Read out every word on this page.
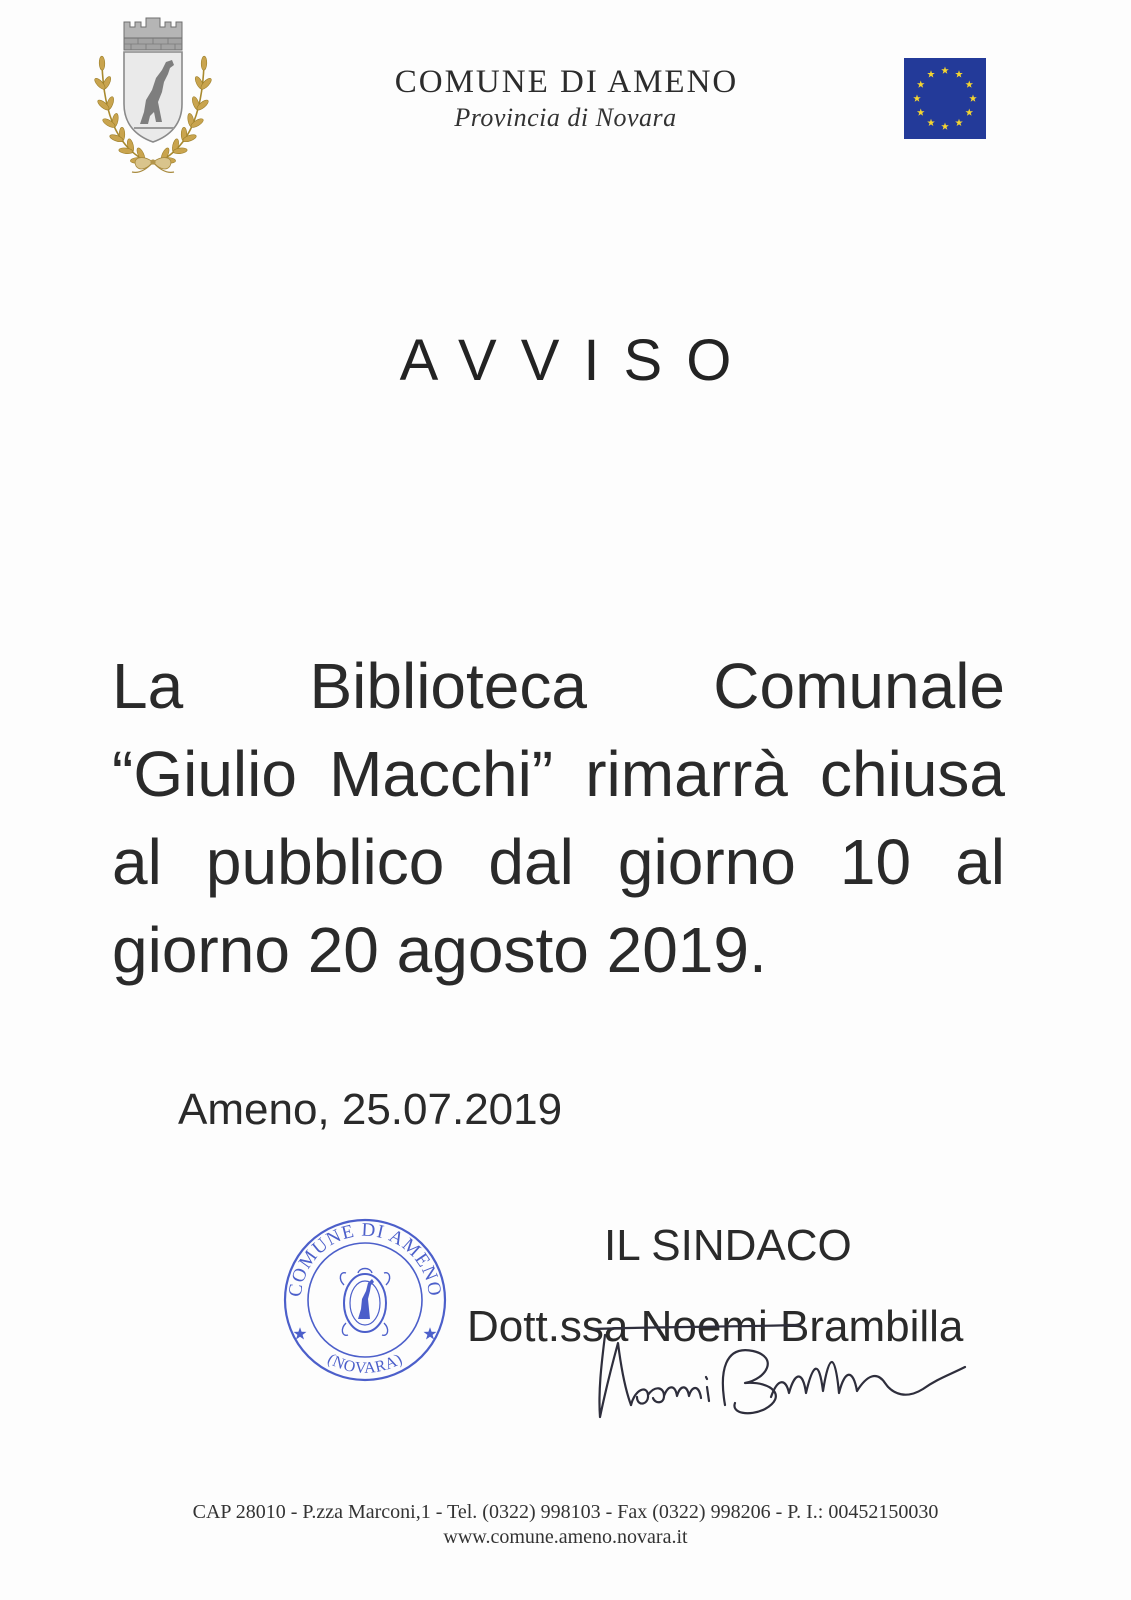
COMUNE DI AMENO
Provincia di Novara
AVVISO
La Biblioteca Comunale
“Giulio Macchi” rimarrà chiusa
al pubblico dal giorno 10 al
giorno 20 agosto 2019.
Ameno, 25.07.2019
COMUNE DI AMENO
(NOVARA)
IL SINDACO
Dott.ssa Noemi Brambilla
CAP 28010 - P.zza Marconi,1 - Tel. (0322) 998103 - Fax (0322) 998206 - P. I.: 00452150030
www.comune.ameno.novara.it
